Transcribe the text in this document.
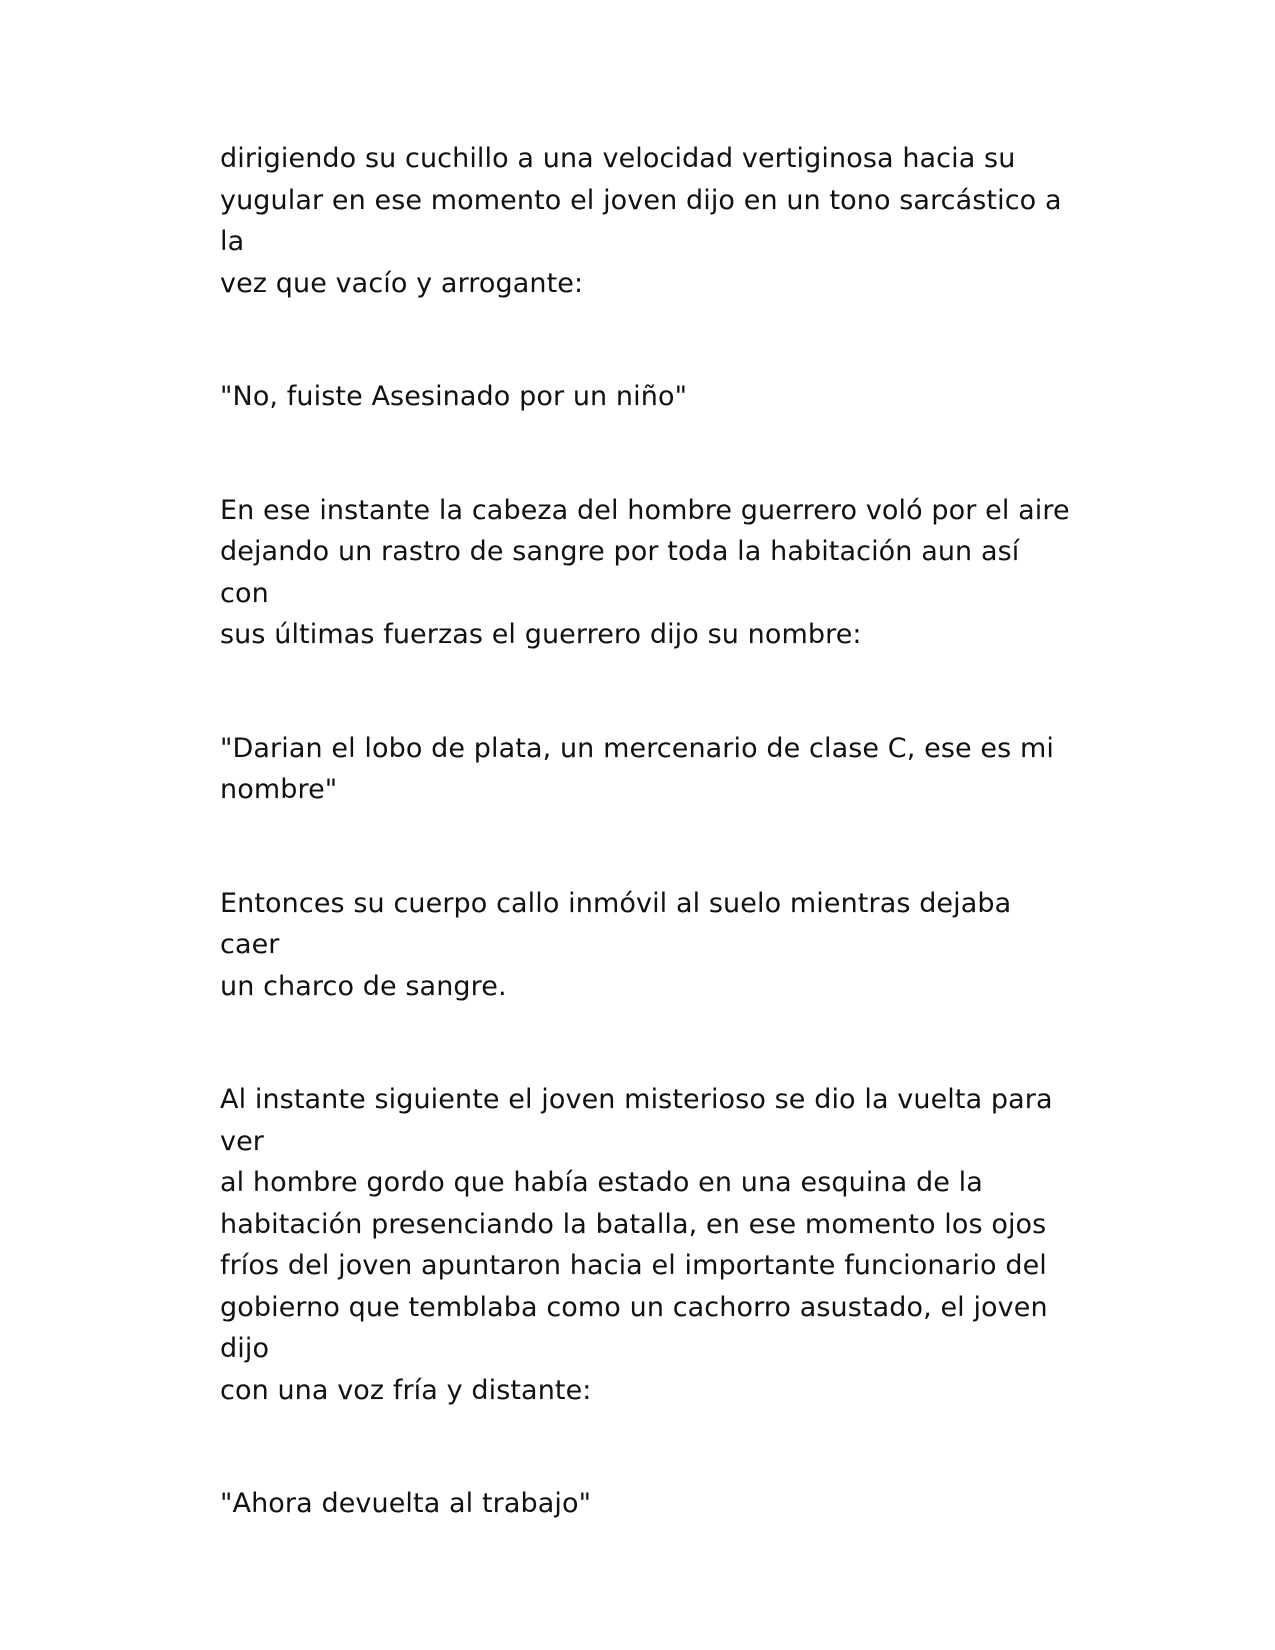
dirigiendo su cuchillo a una velocidad vertiginosa hacia su
yugular en ese momento el joven dijo en un tono sarcástico a la
vez que vacío y arrogante:

"No, fuiste Asesinado por un niño"

En ese instante la cabeza del hombre guerrero voló por el aire
dejando un rastro de sangre por toda la habitación aun así con
sus últimas fuerzas el guerrero dijo su nombre:

"Darian el lobo de plata, un mercenario de clase C, ese es mi
nombre"

Entonces su cuerpo callo inmóvil al suelo mientras dejaba caer
un charco de sangre.

Al instante siguiente el joven misterioso se dio la vuelta para ver
al hombre gordo que había estado en una esquina de la
habitación presenciando la batalla, en ese momento los ojos
fríos del joven apuntaron hacia el importante funcionario del
gobierno que temblaba como un cachorro asustado, el joven dijo
con una voz fría y distante:

"Ahora devuelta al trabajo"
